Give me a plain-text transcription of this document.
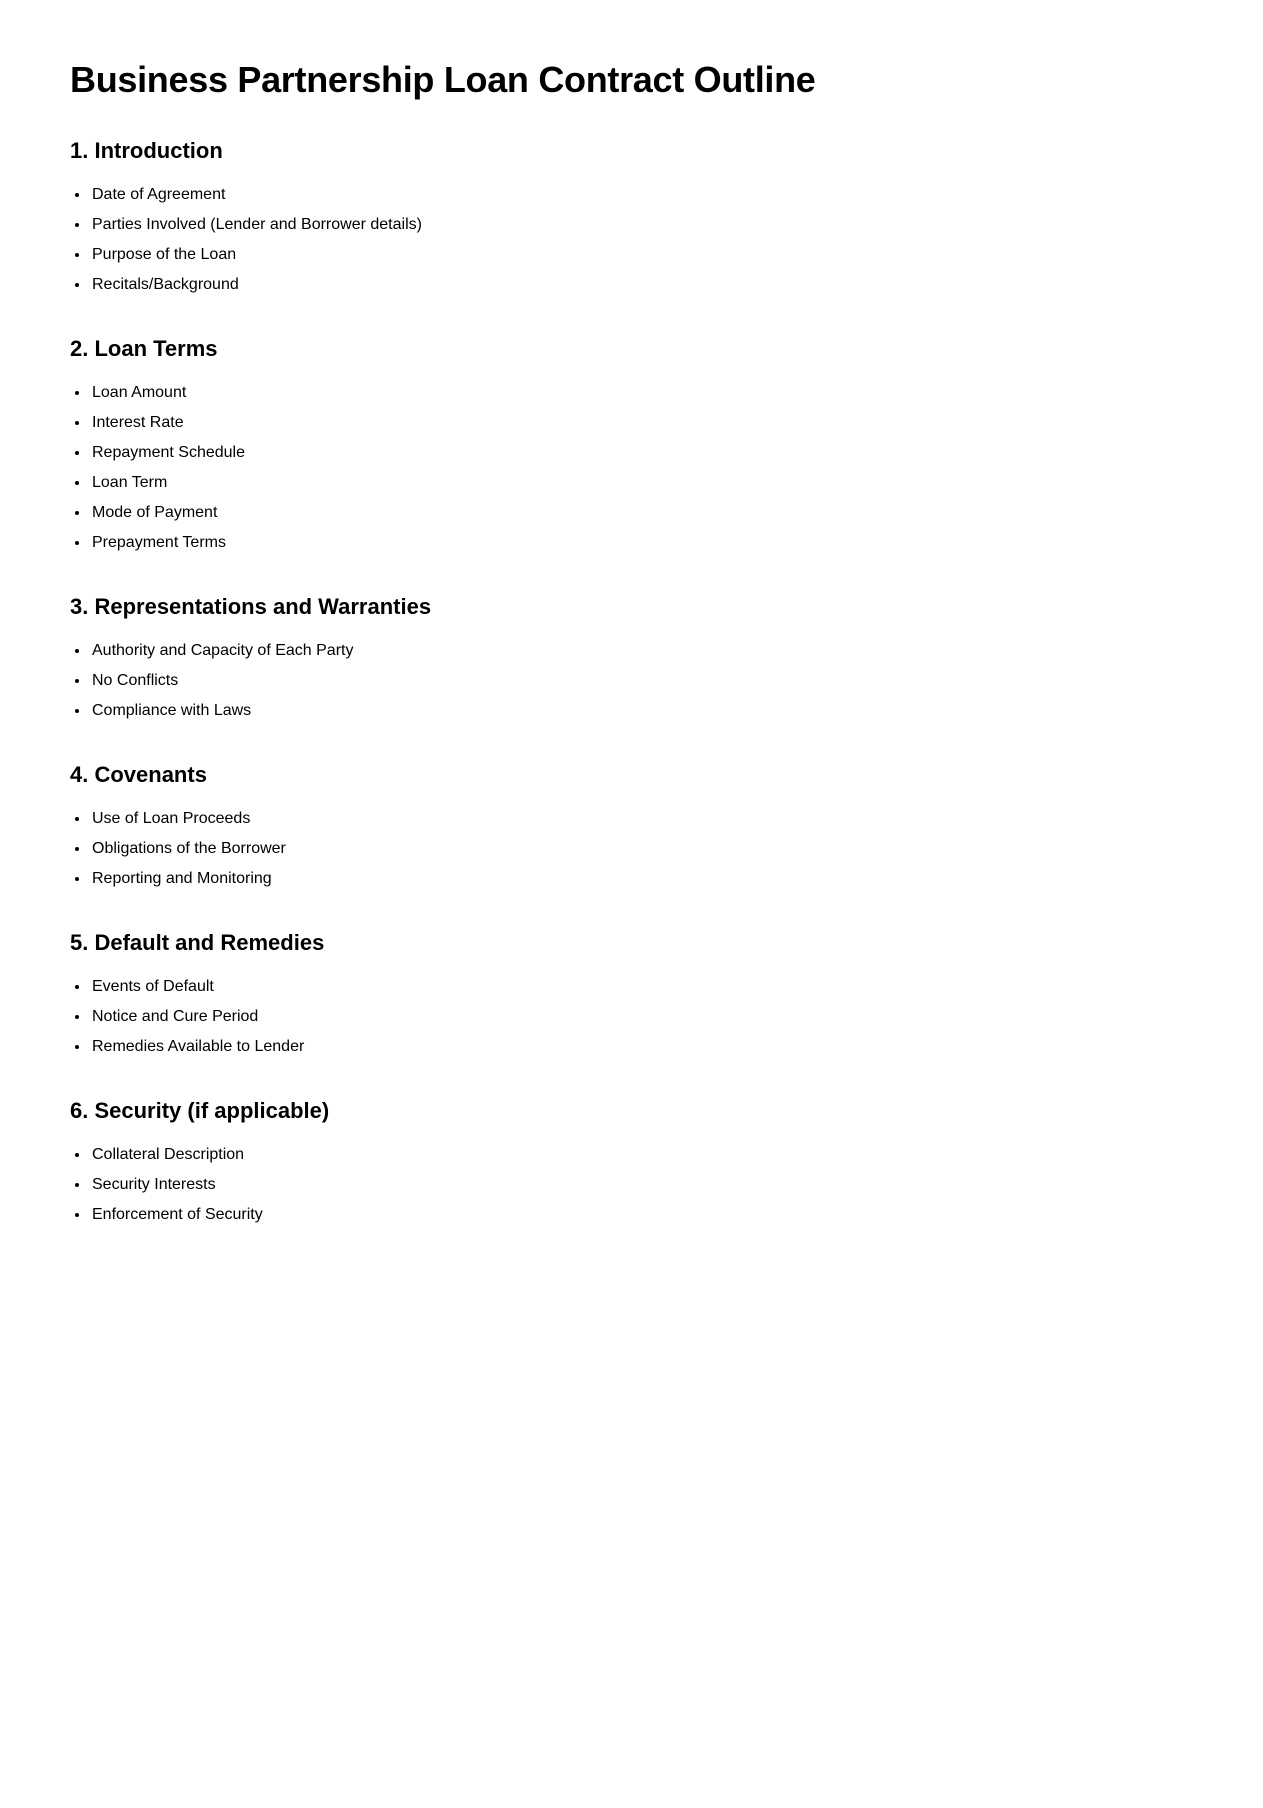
Business Partnership Loan Contract Outline
1. Introduction
• Date of Agreement
• Parties Involved (Lender and Borrower details)
• Purpose of the Loan
• Recitals/Background
2. Loan Terms
• Loan Amount
• Interest Rate
• Repayment Schedule
• Loan Term
• Mode of Payment
• Prepayment Terms
3. Representations and Warranties
• Authority and Capacity of Each Party
• No Conflicts
• Compliance with Laws
4. Covenants
• Use of Loan Proceeds
• Obligations of the Borrower
• Reporting and Monitoring
5. Default and Remedies
• Events of Default
• Notice and Cure Period
• Remedies Available to Lender
6. Security (if applicable)
• Collateral Description
• Security Interests
• Enforcement of Security
